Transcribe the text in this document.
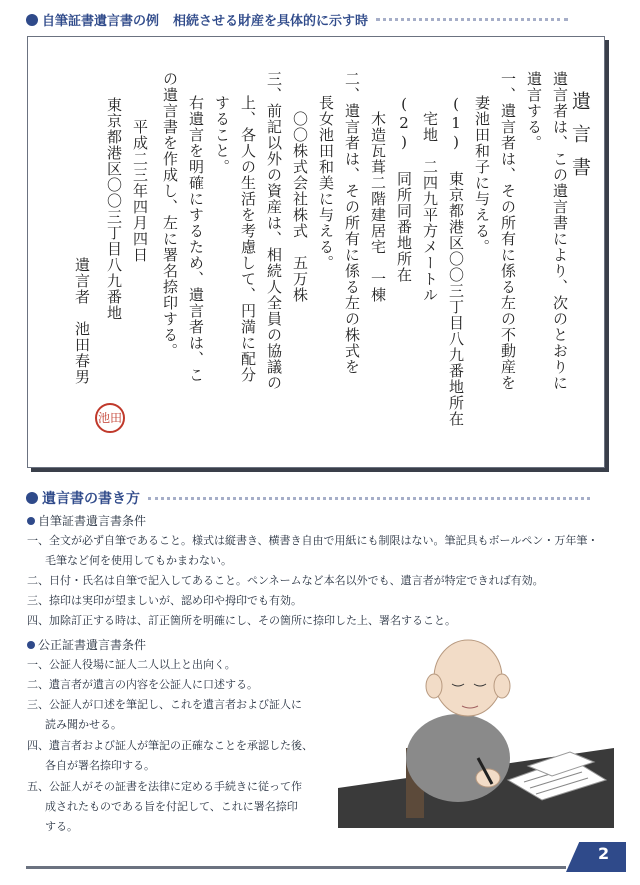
自筆証書遺言書の例 相続させる財産を具体的に示す時
遺言書
遺言者は、この遺言書により、次のとおりに
遺言する。
一、遺言者は、その所有に係る左の不動産を
妻池田和子に与える。
(1) 東京都港区〇〇三丁目八九番地所在
宅地　二四九平方メートル
(2) 同所同番地所在
木造瓦葺二階建居宅　一棟
二、遺言者は、その所有に係る左の株式を
長女池田和美に与える。
〇〇株式会社株式　五万株
三、前記以外の資産は、相続人全員の協議の
上、各人の生活を考慮して、円満に配分
すること。
右遺言を明確にするため、遺言者は、こ
の遺言書を作成し、左に署名捺印する。
平成二三年四月四日
東京都港区〇〇三丁目八九番地
遺言者　池田春男
池田
遺言書の書き方
自筆証書遺言書条件
一、全文が必ず自筆であること。様式は縦書き、横書き自由で用紙にも制限はない。筆記具もボールペン・万年筆・
毛筆など何を使用してもかまわない。
二、日付・氏名は自筆で記入してあること。ペンネームなど本名以外でも、遺言者が特定できれば有効。
三、捺印は実印が望ましいが、認め印や拇印でも有効。
四、加除訂正する時は、訂正箇所を明確にし、その箇所に捺印した上、署名すること。
公正証書遺言書条件
一、公証人役場に証人二人以上と出向く。
二、遺言者が遺言の内容を公証人に口述する。
三、公証人が口述を筆記し、これを遺言者および証人に
読み聞かせる。
四、遺言者および証人が筆記の正確なことを承認した後、
各自が署名捺印する。
五、公証人がその証書を法律に定める手続きに従って作
成されたものである旨を付記して、これに署名捺印
する。
2
